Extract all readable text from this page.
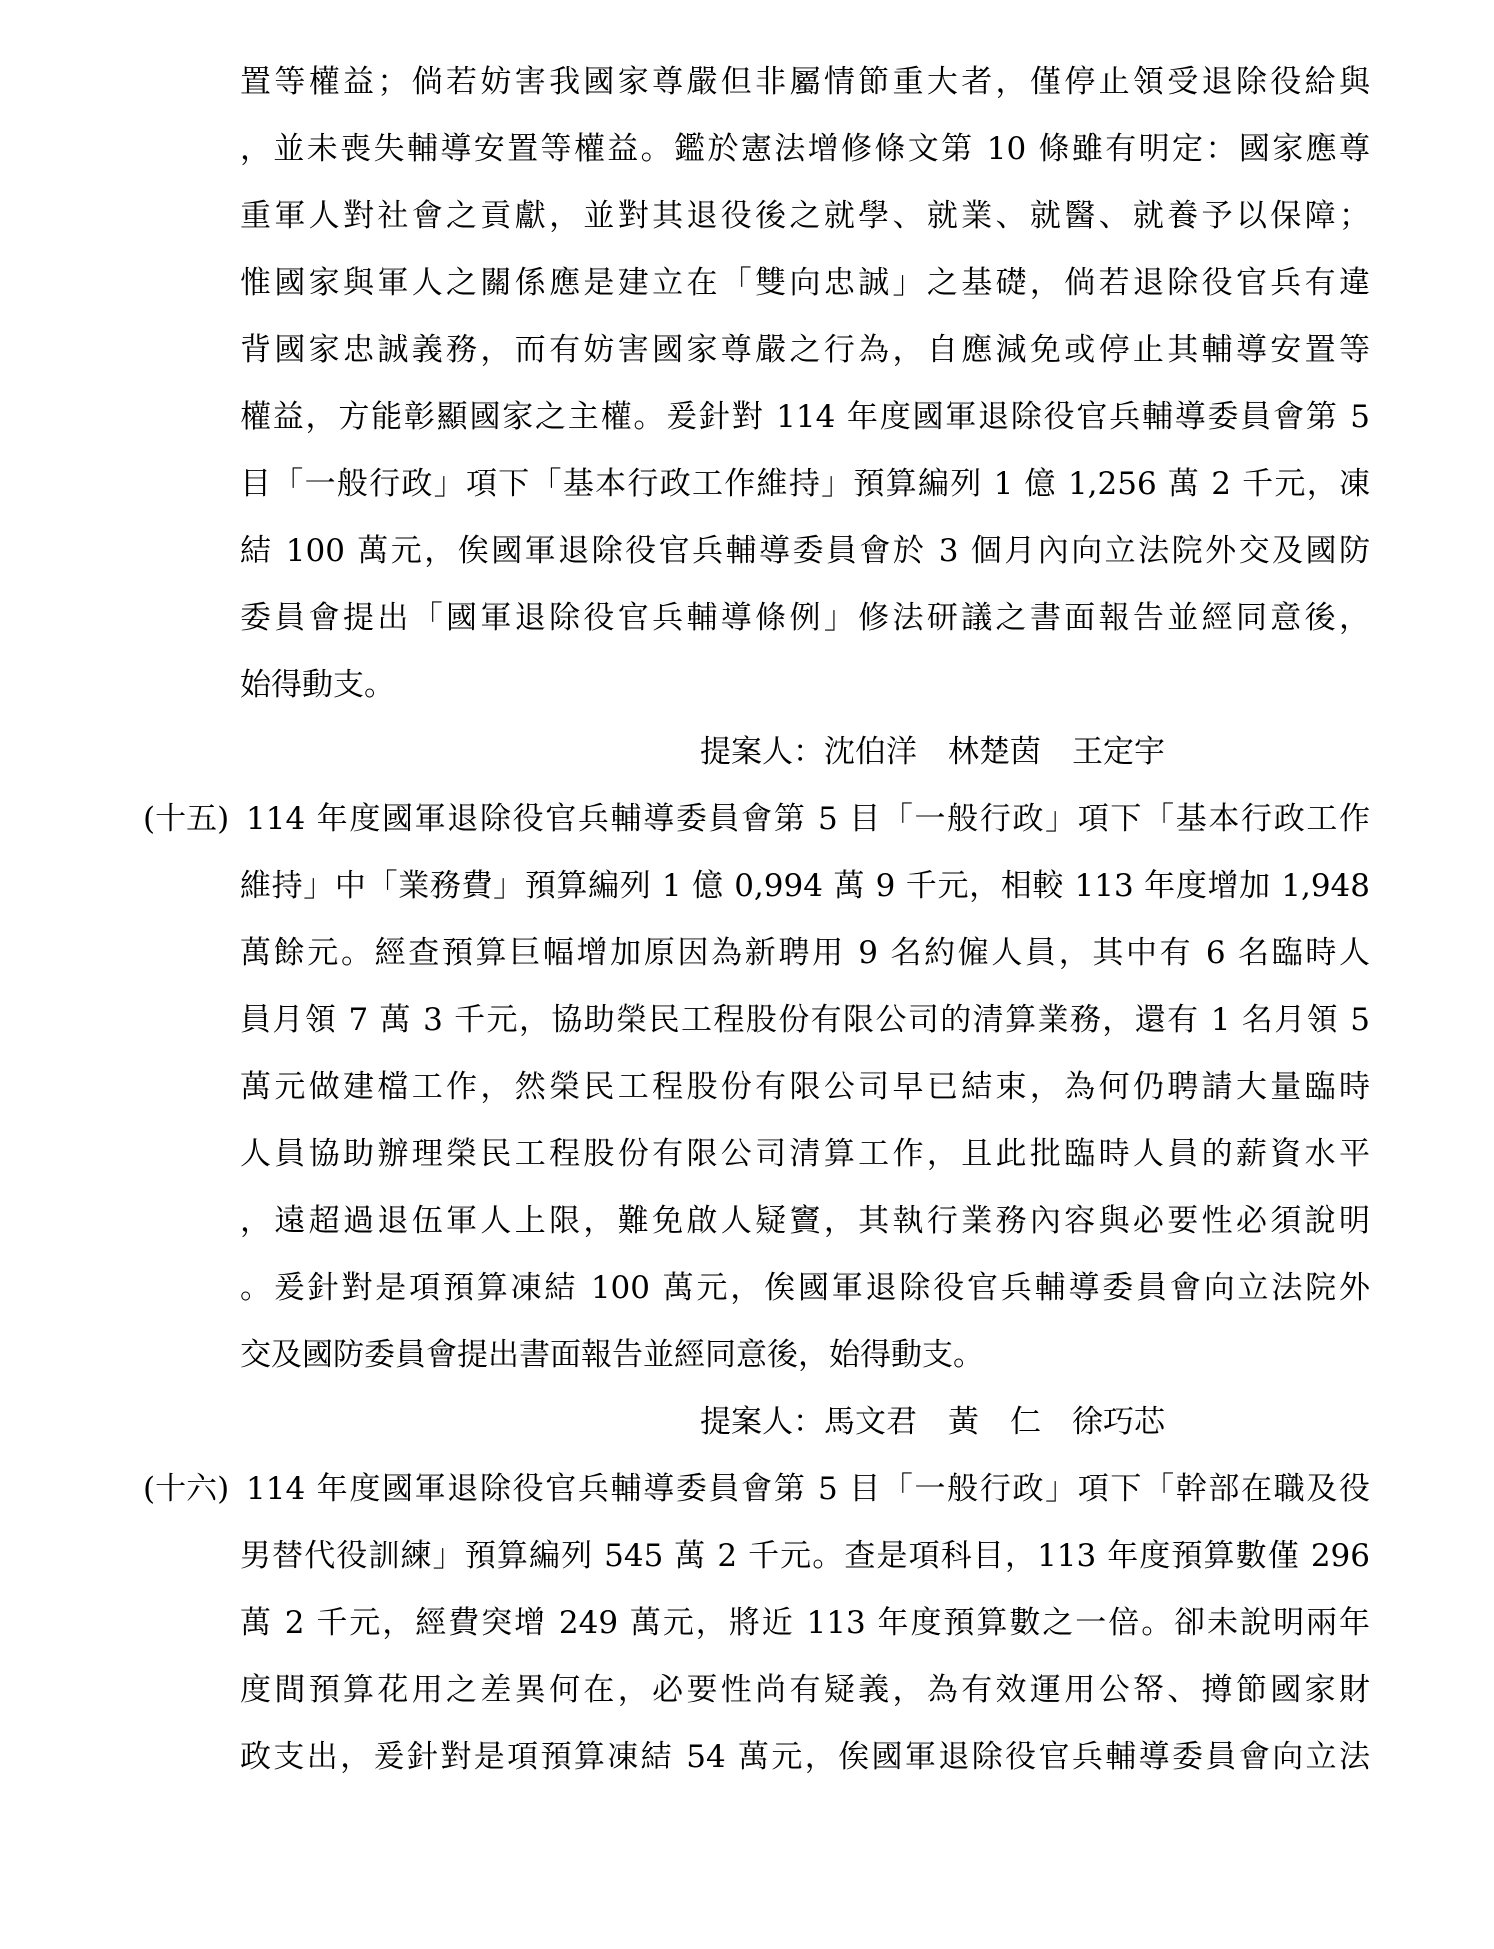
置等權益；倘若妨害我國家尊嚴但非屬情節重大者，僅停止領受退除役給與
，並未喪失輔導安置等權益。鑑於憲法增修條文第 10 條雖有明定：國家應尊
重軍人對社會之貢獻，並對其退役後之就學、就業、就醫、就養予以保障；
惟國家與軍人之關係應是建立在「雙向忠誠」之基礎，倘若退除役官兵有違
背國家忠誠義務，而有妨害國家尊嚴之行為，自應減免或停止其輔導安置等
權益，方能彰顯國家之主權。爰針對 114 年度國軍退除役官兵輔導委員會第 5
目「一般行政」項下「基本行政工作維持」預算編列 1 億 1,256 萬 2 千元，凍
結 100 萬元，俟國軍退除役官兵輔導委員會於 3 個月內向立法院外交及國防
委員會提出「國軍退除役官兵輔導條例」修法研議之書面報告並經同意後，
始得動支。
提案人：沈伯洋　林楚茵　王定宇
(十五) 114 年度國軍退除役官兵輔導委員會第 5 目「一般行政」項下「基本行政工作
維持」中「業務費」預算編列 1 億 0,994 萬 9 千元，相較 113 年度增加 1,948
萬餘元。經查預算巨幅增加原因為新聘用 9 名約僱人員，其中有 6 名臨時人
員月領 7 萬 3 千元，協助榮民工程股份有限公司的清算業務，還有 1 名月領 5
萬元做建檔工作，然榮民工程股份有限公司早已結束，為何仍聘請大量臨時
人員協助辦理榮民工程股份有限公司清算工作，且此批臨時人員的薪資水平
，遠超過退伍軍人上限，難免啟人疑竇，其執行業務內容與必要性必須說明
。爰針對是項預算凍結 100 萬元，俟國軍退除役官兵輔導委員會向立法院外
交及國防委員會提出書面報告並經同意後，始得動支。
提案人：馬文君　黃　仁　徐巧芯
(十六) 114 年度國軍退除役官兵輔導委員會第 5 目「一般行政」項下「幹部在職及役
男替代役訓練」預算編列 545 萬 2 千元。查是項科目，113 年度預算數僅 296
萬 2 千元，經費突增 249 萬元，將近 113 年度預算數之一倍。卻未說明兩年
度間預算花用之差異何在，必要性尚有疑義，為有效運用公帑、撙節國家財
政支出，爰針對是項預算凍結 54 萬元，俟國軍退除役官兵輔導委員會向立法
